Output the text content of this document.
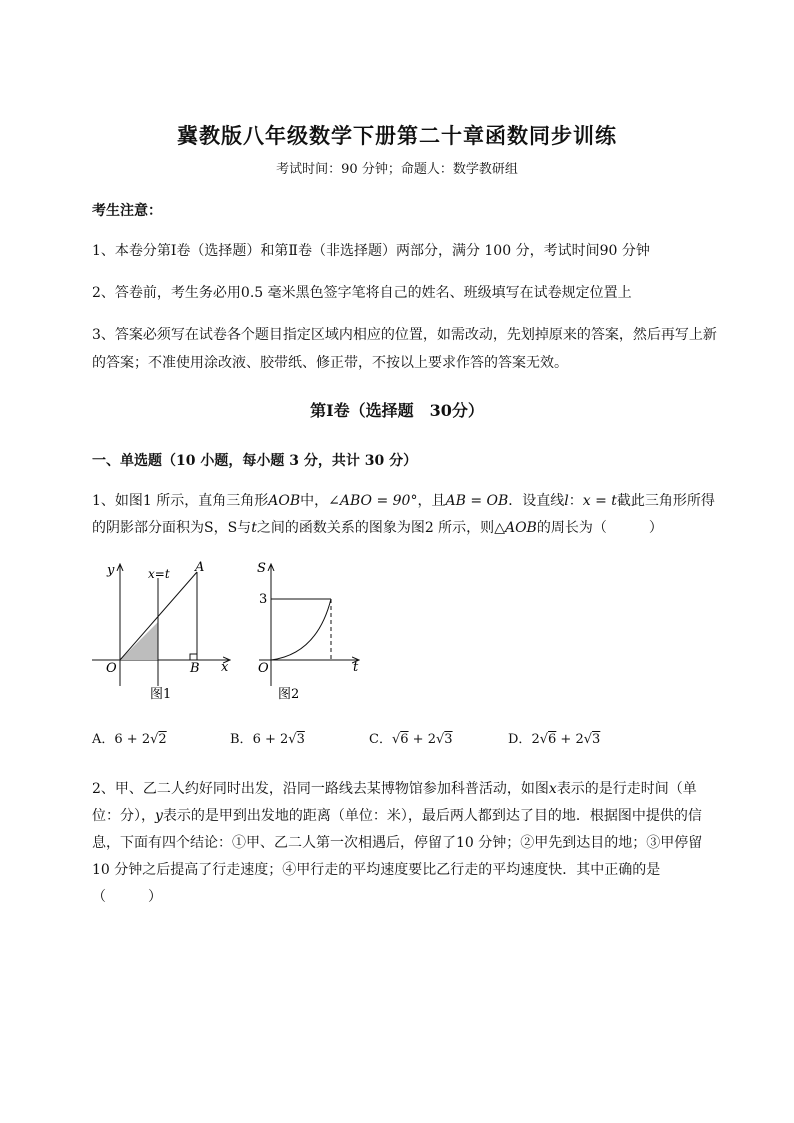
冀教版八年级数学下册第二十章函数同步训练
考试时间：90 分钟；命题人：数学教研组
考生注意：
1、本卷分第Ⅰ卷（选择题）和第Ⅱ卷（非选择题）两部分，满分 100 分，考试时间90 分钟
2、答卷前，考生务必用0.5 毫米黑色签字笔将自己的姓名、班级填写在试卷规定位置上
3、答案必须写在试卷各个题目指定区域内相应的位置，如需改动，先划掉原来的答案，然后再写上新的答案；不准使用涂改液、胶带纸、修正带，不按以上要求作答的答案无效。
第Ⅰ卷（选择题　30分）
一、单选题（10 小题，每小题 3 分，共计 30 分）
1、如图1 所示，直角三角形AOB中，∠ABO = 90°，且AB = OB．设直线l：x = t截此三角形所得的阴影部分面积为S，S与t之间的函数关系的图象为图2 所示，则△AOB的周长为（　　　）
y
x
O
A
B
x=t
图1
S
t
O
3
图2
A．6 + 2√2	B．6 + 2√3	C．√6 + 2√3	D．2√6 + 2√3
2、甲、乙二人约好同时出发，沿同一路线去某博物馆参加科普活动，如图x表示的是行走时间（单位：分），y表示的是甲到出发地的距离（单位：米），最后两人都到达了目的地．根据图中提供的信息，下面有四个结论：①甲、乙二人第一次相遇后，停留了10 分钟；②甲先到达目的地；③甲停留10 分钟之后提高了行走速度；④甲行走的平均速度要比乙行走的平均速度快．其中正确的是（　　　）
